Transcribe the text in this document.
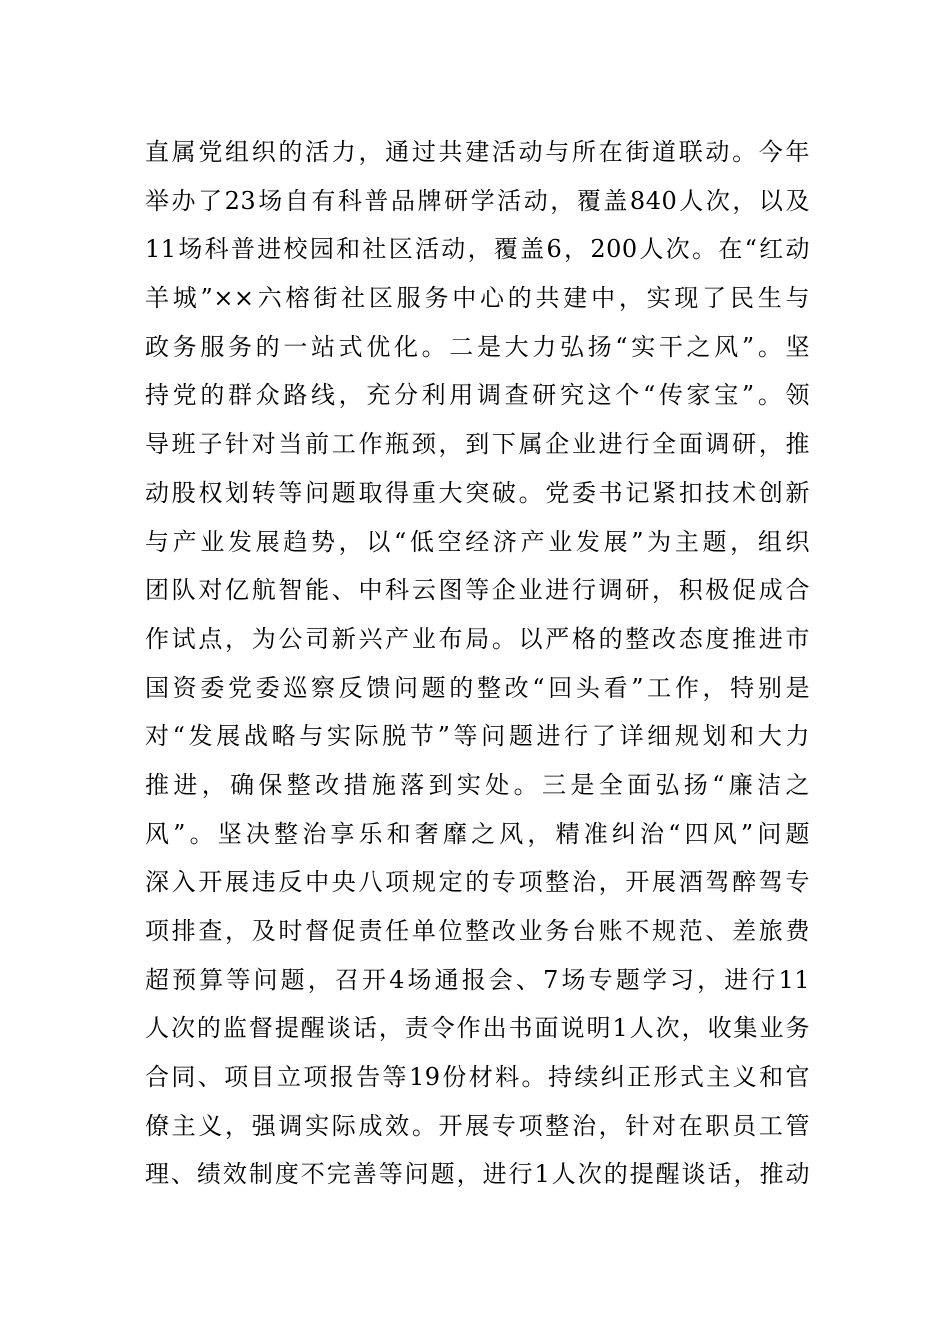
直属党组织的活力，通过共建活动与所在街道联动。今年
举办了23场自有科普品牌研学活动，覆盖840人次，以及
11场科普进校园和社区活动，覆盖6，200人次。在“红动
羊城”××六榕街社区服务中心的共建中，实现了民生与
政务服务的一站式优化。二是大力弘扬“实干之风”。坚
持党的群众路线，充分利用调查研究这个“传家宝”。领
导班子针对当前工作瓶颈，到下属企业进行全面调研，推
动股权划转等问题取得重大突破。党委书记紧扣技术创新
与产业发展趋势，以“低空经济产业发展”为主题，组织
团队对亿航智能、中科云图等企业进行调研，积极促成合
作试点，为公司新兴产业布局。以严格的整改态度推进市
国资委党委巡察反馈问题的整改“回头看”工作，特别是
对“发展战略与实际脱节”等问题进行了详细规划和大力
推进，确保整改措施落到实处。三是全面弘扬“廉洁之
风”。坚决整治享乐和奢靡之风，精准纠治“四风”问题
深入开展违反中央八项规定的专项整治，开展酒驾醉驾专
项排查，及时督促责任单位整改业务台账不规范、差旅费
超预算等问题，召开4场通报会、7场专题学习，进行11
人次的监督提醒谈话，责令作出书面说明1人次，收集业务
合同、项目立项报告等19份材料。持续纠正形式主义和官
僚主义，强调实际成效。开展专项整治，针对在职员工管
理、绩效制度不完善等问题，进行1人次的提醒谈话，推动
